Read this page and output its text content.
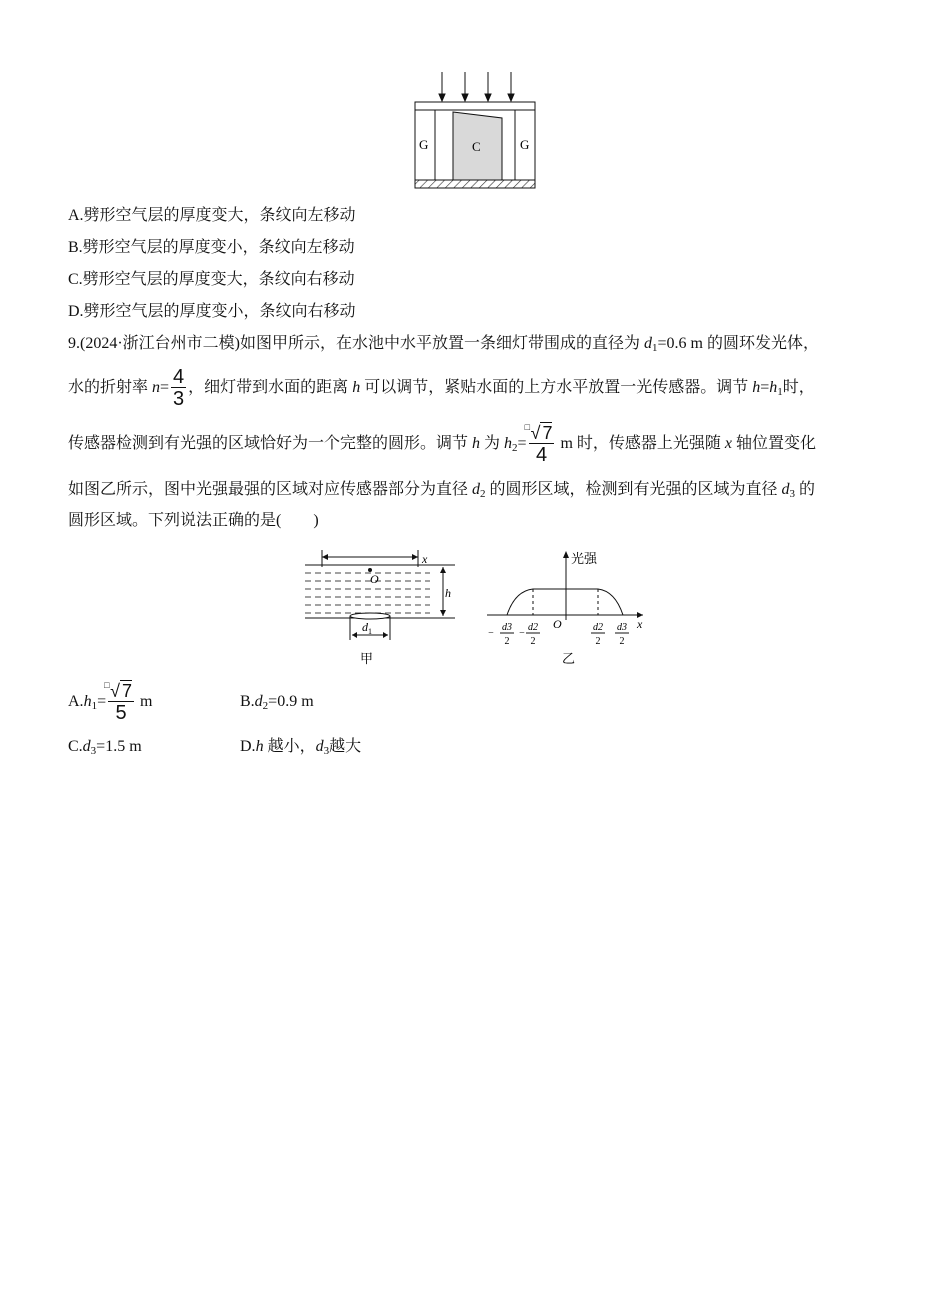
G	C	G
A.劈形空气层的厚度变大，条纹向左移动
B.劈形空气层的厚度变小，条纹向左移动
C.劈形空气层的厚度变大，条纹向右移动
D.劈形空气层的厚度变小，条纹向右移动
9.(2024·浙江台州市二模)如图甲所示，在水池中水平放置一条细灯带围成的直径为 $d_1=0.6$ m 的圆环发光体，
水的折射率 $n= \frac{4}{3}$ ，细灯带到水面的距离 h 可以调节，紧贴水面的上方水平放置一光传感器。调节 $h=h_1$时，
传感器检测到有光强的区域恰好为一个完整的圆形。调节 h 为 $h_2= \frac{□ √ 7}{4}$ m 时，传感器上光强随 x 轴位置变化
如图乙所示，图中光强最强的区域对应传感器部分为直径 $d_2$ 的圆形区域，检测到有光强的区域为直径 $d_3$ 的
圆形区域。下列说法正确的是(　　)
x
O
h
$d_1$
甲
光强
x
O
−
d3
2
−
d2
2
d2
2
d3
2
乙
$A.h_1= \frac{□ √ 7}{5}$ m	$B.d_2=0.9$ m
$C.d_3=1.5$ m	D.h 越小，$d_3$越大
